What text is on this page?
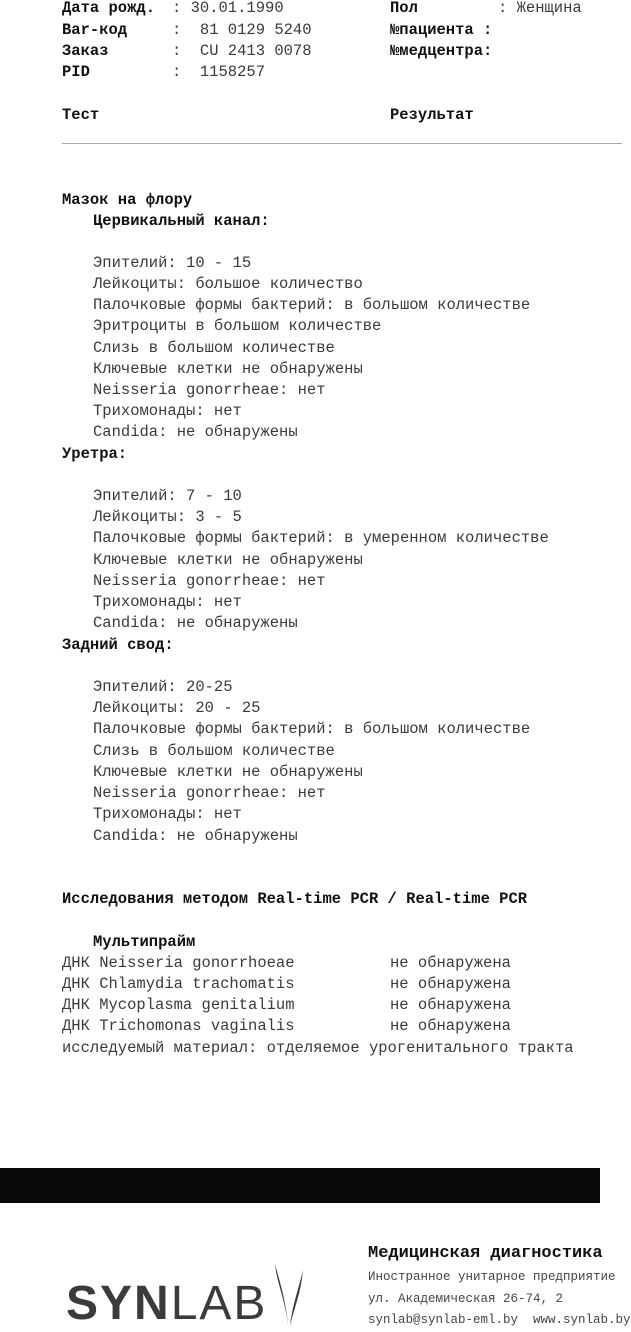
Дата рожд. : 30.01.1990	Пол	: Женщина
Bar-код	:  81 0129 5240	№пациента :
Заказ	:  CU 2413 0078	№медцентра:
PID	:  1158257
Тест	Результат
Мазок на флору
Цервикальный канал:
Эпителий: 10 - 15
Лейкоциты: большое количество
Палочковые формы бактерий: в большом количестве
Эритроциты в большом количестве
Слизь в большом количестве
Ключевые клетки не обнаружены
Neisseria gonorrheae: нет
Трихомонады: нет
Candida: не обнаружены
Уретра:
Эпителий: 7 - 10
Лейкоциты: 3 - 5
Палочковые формы бактерий: в умеренном количестве
Ключевые клетки не обнаружены
Neisseria gonorrheae: нет
Трихомонады: нет
Candida: не обнаружены
Задний свод:
Эпителий: 20-25
Лейкоциты: 20 - 25
Палочковые формы бактерий: в большом количестве
Слизь в большом количестве
Ключевые клетки не обнаружены
Neisseria gonorrheae: нет
Трихомонады: нет
Candida: не обнаружены
Исследования методом Real-time PCR / Real-time PCR
Мультипрайм
ДНК Neisseria gonorrhoeae	не обнаружена
ДНК Chlamydia trachomatis	не обнаружена
ДНК Mycoplasma genitalium	не обнаружена
ДНК Trichomonas vaginalis	не обнаружена
исследуемый материал: отделяемое урогенитального тракта
SYNLAB
Медицинская диагностика
Иностранное унитарное предприятие
ул. Академическая 26-74, 2
synlab@synlab-eml.by  www.synlab.by
